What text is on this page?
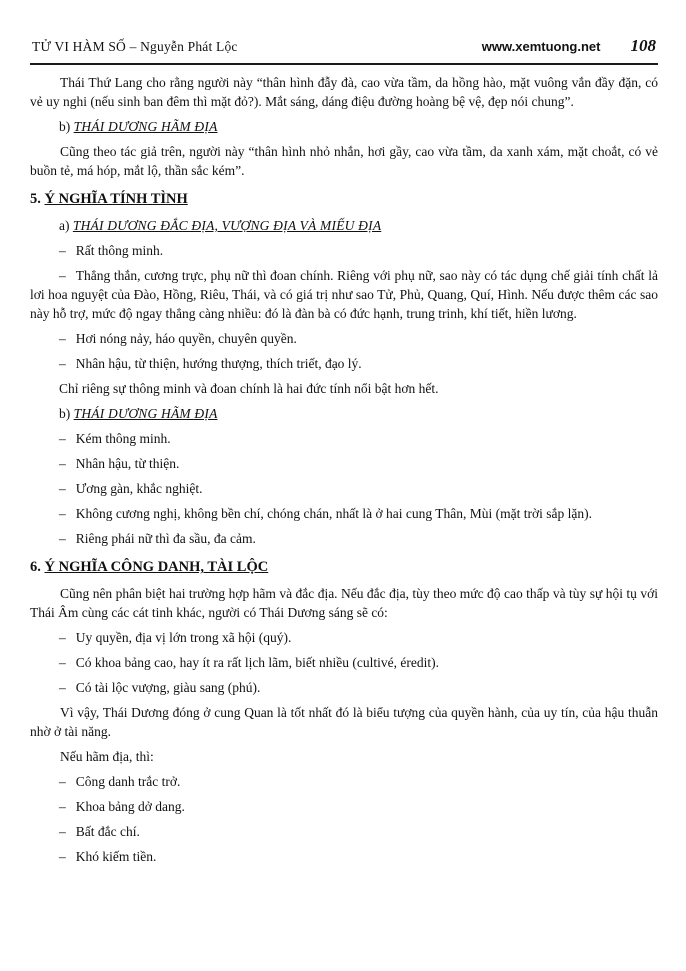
TỬ VI HÀM SỐ – Nguyễn Phát Lộc	www.xemtuong.net 108
Thái Thứ Lang cho rằng người này “thân hình đẫy đà, cao vừa tầm, da hồng hào, mặt vuông vắn đầy đặn, có vẻ uy nghi (nếu sinh ban đêm thì mặt đỏ?). Mắt sáng, dáng điệu đường hoàng bệ vệ, đẹp nói chung”.
b) THÁI DƯƠNG HÃM ĐỊA
Cũng theo tác giả trên, người này “thân hình nhỏ nhắn, hơi gầy, cao vừa tầm, da xanh xám, mặt choắt, có vẻ buồn tẻ, má hóp, mắt lộ, thần sắc kém”.
5. Ý NGHĨA TÍNH TÌNH
a) THÁI DƯƠNG ĐẮC ĐỊA, VƯỢNG ĐỊA VÀ MIẾU ĐỊA
– Rất thông minh.
– Thẳng thắn, cương trực, phụ nữ thì đoan chính. Riêng với phụ nữ, sao này có tác dụng chế giải tính chất lả lơi hoa nguyệt của Đào, Hồng, Riêu, Thái, và có giá trị như sao Tử, Phủ, Quang, Quí, Hình. Nếu được thêm các sao này hỗ trợ, mức độ ngay thẳng càng nhiều: đó là đàn bà có đức hạnh, trung trinh, khí tiết, hiền lương.
– Hơi nóng nảy, háo quyền, chuyên quyền.
– Nhân hậu, từ thiện, hướng thượng, thích triết, đạo lý.
Chỉ riêng sự thông minh và đoan chính là hai đức tính nổi bật hơn hết.
b) THÁI DƯƠNG HÃM ĐỊA
– Kém thông minh.
– Nhân hậu, từ thiện.
– Ương gàn, khắc nghiệt.
– Không cương nghị, không bền chí, chóng chán, nhất là ở hai cung Thân, Mùi (mặt trời sắp lặn).
– Riêng phái nữ thì đa sầu, đa cảm.
6. Ý NGHĨA CÔNG DANH, TÀI LỘC
Cũng nên phân biệt hai trường hợp hãm và đắc địa. Nếu đắc địa, tùy theo mức độ cao thấp và tùy sự hội tụ với Thái Âm cùng các cát tinh khác, người có Thái Dương sáng sẽ có:
– Uy quyền, địa vị lớn trong xã hội (quý).
– Có khoa bảng cao, hay ít ra rất lịch lãm, biết nhiều (cultivé, éredit).
– Có tài lộc vượng, giàu sang (phú).
Vì vậy, Thái Dương đóng ở cung Quan là tốt nhất đó là biểu tượng của quyền hành, của uy tín, của hậu thuẫn nhờ ở tài năng.
Nếu hãm địa, thì:
– Công danh trắc trở.
– Khoa bảng dở dang.
– Bất đắc chí.
– Khó kiếm tiền.
